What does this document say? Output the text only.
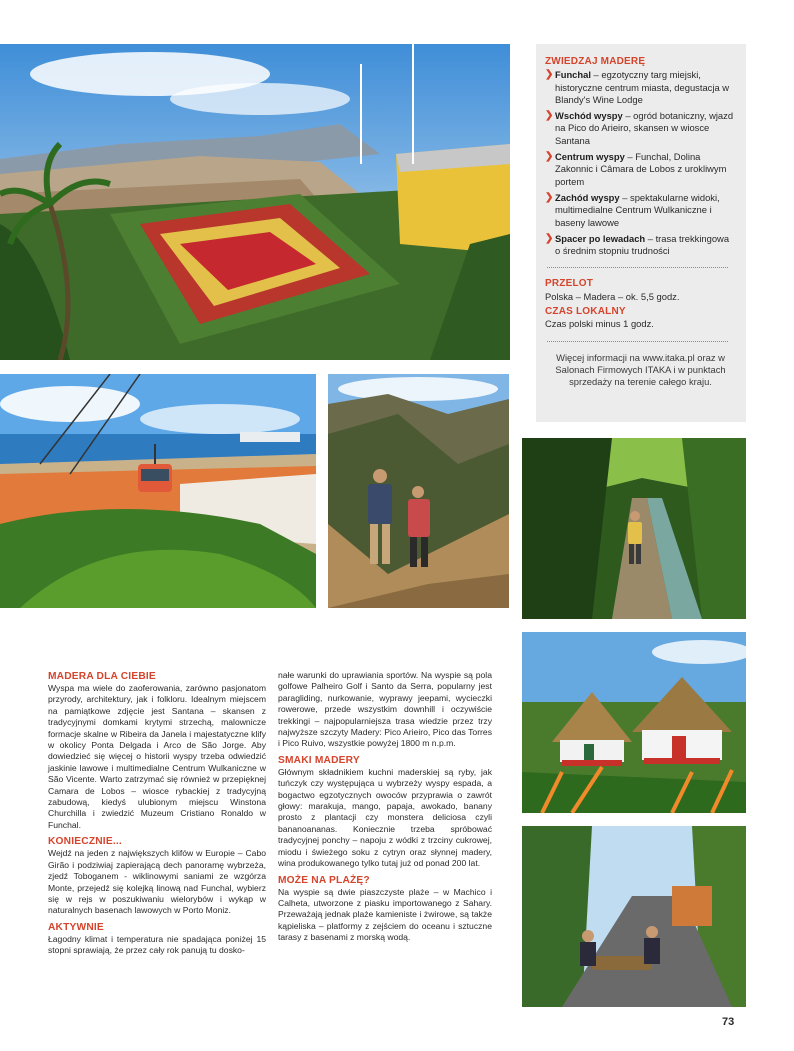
ZWIEDZAJ MADERĘ
❯ Funchal – egzotyczny targ miejski, historyczne centrum miasta, degustacja w Blandy's Wine Lodge
❯ Wschód wyspy – ogród botaniczny, wjazd na Pico do Arieiro, skansen w wiosce Santana
❯ Centrum wyspy – Funchal, Dolina Zakonnic i Câmara de Lobos z urokliwym portem
❯ Zachód wyspy – spektakularne widoki, multimedialne Centrum Wulkaniczne i baseny lawowe
❯ Spacer po lewadach – trasa trekkingowa o średnim stopniu trudności
PRZELOT
Polska – Madera – ok. 5,5 godz.
CZAS LOKALNY
Czas polski minus 1 godz.
Więcej informacji na www.itaka.pl oraz w Salonach Firmowych ITAKA i w punktach sprzedaży na terenie całego kraju.
MADERA DLA CIEBIE
Wyspa ma wiele do zaoferowania, zarówno pasjonatom przyrody, architektury, jak i folkloru. Idealnym miejscem na pamiątkowe zdjęcie jest Santana – skansen z tradycyjnymi domkami krytymi strzechą, malownicze formacje skalne w Ribeira da Janela i majestatyczne klify w okolicy Ponta Delgada i Arco de São Jorge. Aby dowiedzieć się więcej o historii wyspy trzeba odwiedzić jaskinie lawowe i multimedialne Centrum Wulkaniczne w São Vicente. Warto zatrzymać się również w przepięknej Camara de Lobos – wiosce rybackiej z tradycyjną zabudową, kiedyś ulubionym miejscu Winstona Churchilla i zwiedzić Muzeum Cristiano Ronaldo w Funchal.
KONIECZNIE...
Wejdź na jeden z największych klifów w Europie – Cabo Girão i podziwiaj zapierającą dech panoramę wybrzeża, zjedź Toboganem - wiklinowymi saniami ze wzgórza Monte, przejedź się kolejką linową nad Funchal, wybierz się w rejs w poszukiwaniu wielorybów i wykąp w naturalnych basenach lawowych w Porto Moniz.
AKTYWNIE
Łagodny klimat i temperatura nie spadająca poniżej 15 stopni sprawiają, że przez cały rok panują tu dosko-
nałe warunki do uprawiania sportów. Na wyspie są pola golfowe Palheiro Golf i Santo da Serra, popularny jest paragliding, nurkowanie, wyprawy jeepami, wycieczki rowerowe, przede wszystkim downhill i oczywiście trekkingi – najpopularniejsza trasa wiedzie przez trzy najwyższe szczyty Madery: Pico Arieiro, Pico das Torres i Pico Ruivo, wszystkie powyżej 1800 m n.p.m.
SMAKI MADERY
Głównym składnikiem kuchni maderskiej są ryby, jak tuńczyk czy występująca u wybrzeży wyspy espada, a bogactwo egzotycznych owoców przyprawia o zawrót głowy: marakuja, mango, papaja, awokado, banany prosto z plantacji czy monstera deliciosa czyli bananoananas. Koniecznie trzeba spróbować tradycyjnej ponchy – napoju z wódki z trzciny cukrowej, miodu i świeżego soku z cytryn oraz słynnej madery, wina produkowanego tylko tutaj już od ponad 200 lat.
MOŻE NA PLAŻĘ?
Na wyspie są dwie piaszczyste plaże – w Machico i Calheta, utworzone z piasku importowanego z Sahary. Przeważają jednak plaże kamieniste i żwirowe, są także kąpieliska – platformy z zejściem do oceanu i sztuczne tarasy z basenami z morską wodą.
73
